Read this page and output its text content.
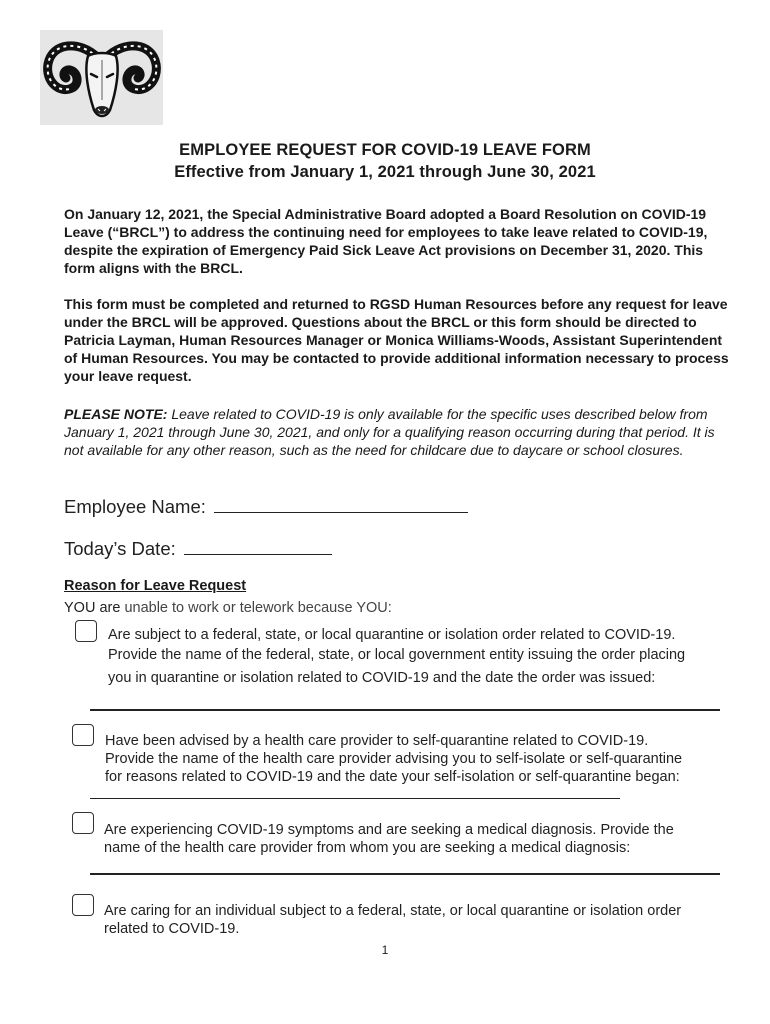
EMPLOYEE REQUEST FOR COVID-19 LEAVE FORM
Effective from January 1, 2021 through June 30, 2021
On January 12, 2021, the Special Administrative Board adopted a Board Resolution on COVID-19 Leave (“BRCL”) to address the continuing need for employees to take leave related to COVID-19, despite the expiration of Emergency Paid Sick Leave Act provisions on December 31, 2020. This form aligns with the BRCL.
This form must be completed and returned to RGSD Human Resources before any request for leave under the BRCL will be approved. Questions about the BRCL or this form should be directed to Patricia Layman, Human Resources Manager or Monica Williams-Woods, Assistant Superintendent of Human Resources. You may be contacted to provide additional information necessary to process your leave request.
PLEASE NOTE: Leave related to COVID-19 is only available for the specific uses described below from January 1, 2021 through June 30, 2021, and only for a qualifying reason occurring during that period. It is not available for any other reason, such as the need for childcare due to daycare or school closures.
Employee Name:
Today’s Date:
Reason for Leave Request
YOU are unable to work or telework because YOU:
Are subject to a federal, state, or local quarantine or isolation order related to COVID-19.
Provide the name of the federal, state, or local government entity issuing the order placing
you in quarantine or isolation related to COVID-19 and the date the order was issued:
Have been advised by a health care provider to self-quarantine related to COVID-19.
Provide the name of the health care provider advising you to self-isolate or self-quarantine
for reasons related to COVID-19 and the date your self-isolation or self-quarantine began:
Are experiencing COVID-19 symptoms and are seeking a medical diagnosis. Provide the
name of the health care provider from whom you are seeking a medical diagnosis:
Are caring for an individual subject to a federal, state, or local quarantine or isolation order
related to COVID-19.
1
